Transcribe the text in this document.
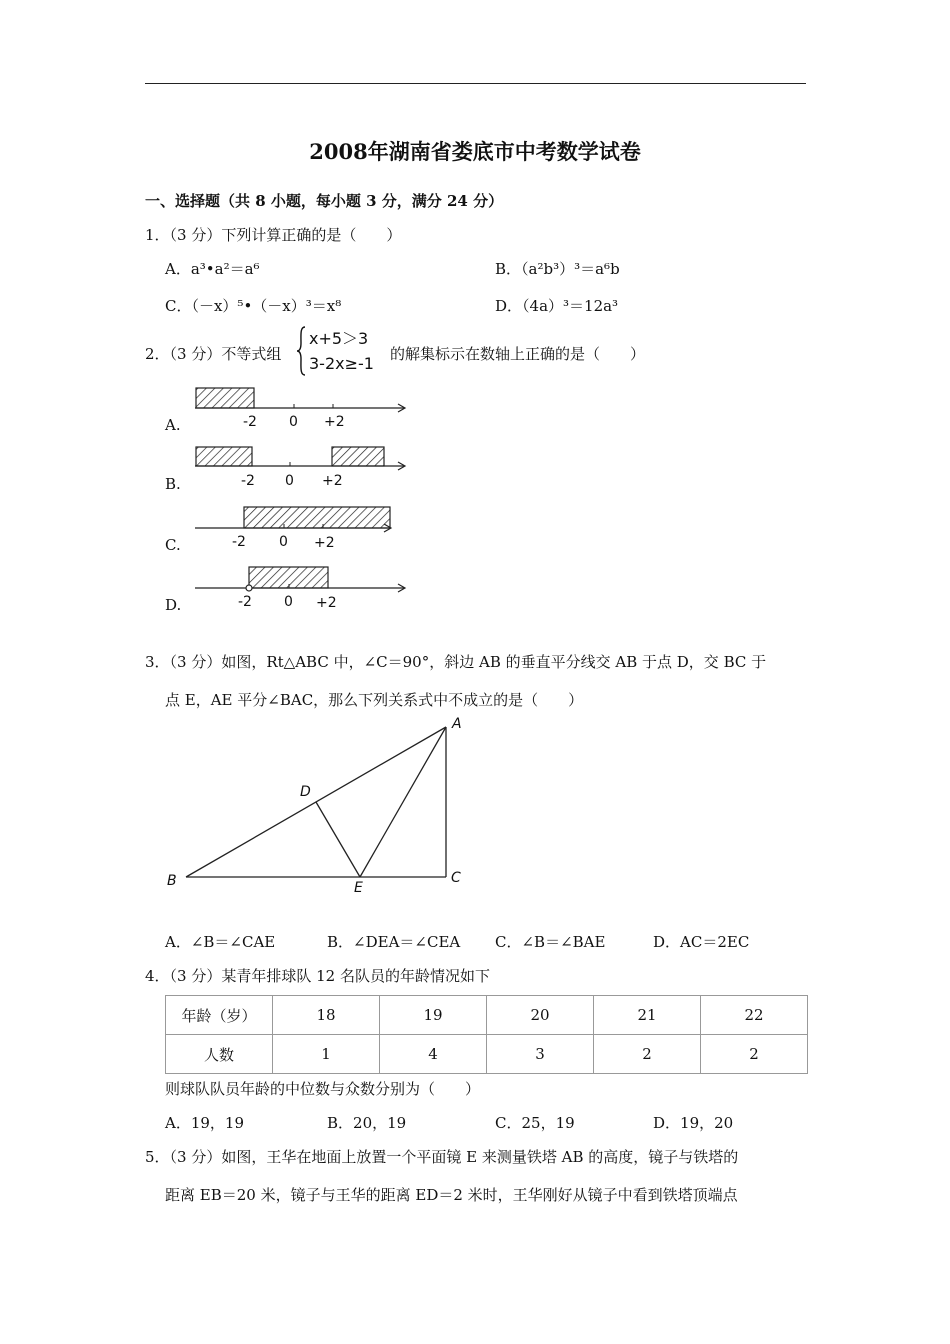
2008年湖南省娄底市中考数学试卷
一、选择题（共 8 小题，每小题 3 分，满分 24 分）
1．（3 分）下列计算正确的是（　　）
A．a³•a²＝a⁶	B．（a²b³）³＝a⁶b
C．（－x）⁵•（－x）³＝x⁸	D．（4a）³＝12a³
2．（3 分）不等式组
x+5＞3
3-2x≥-1 的解集标示在数轴上正确的是（　　）
A.
B.
C.
D.
-2 0 +2
-2 0 +2
-2 0 +2
-2 0 +2
3．（3 分）如图，Rt△ABC 中，∠C＝90°，斜边 AB 的垂直平分线交 AB 于点 D，交 BC 于
点 E，AE 平分∠BAC，那么下列关系式中不成立的是（　　）
A
B	C
D
E
A．∠B＝∠CAE	B．∠DEA＝∠CEA C．∠B＝∠BAE	D．AC＝2EC
4．（3 分）某青年排球队 12 名队员的年龄情况如下
年龄（岁）	18	19	20	21	22
人数	1	4	3	2	2
则球队队员年龄的中位数与众数分别为（　　）
A．19，19	B．20，19	C．25，19	D．19，20
5．（3 分）如图，王华在地面上放置一个平面镜 E 来测量铁塔 AB 的高度，镜子与铁塔的
距离 EB＝20 米，镜子与王华的距离 ED＝2 米时，王华刚好从镜子中看到铁塔顶端点
